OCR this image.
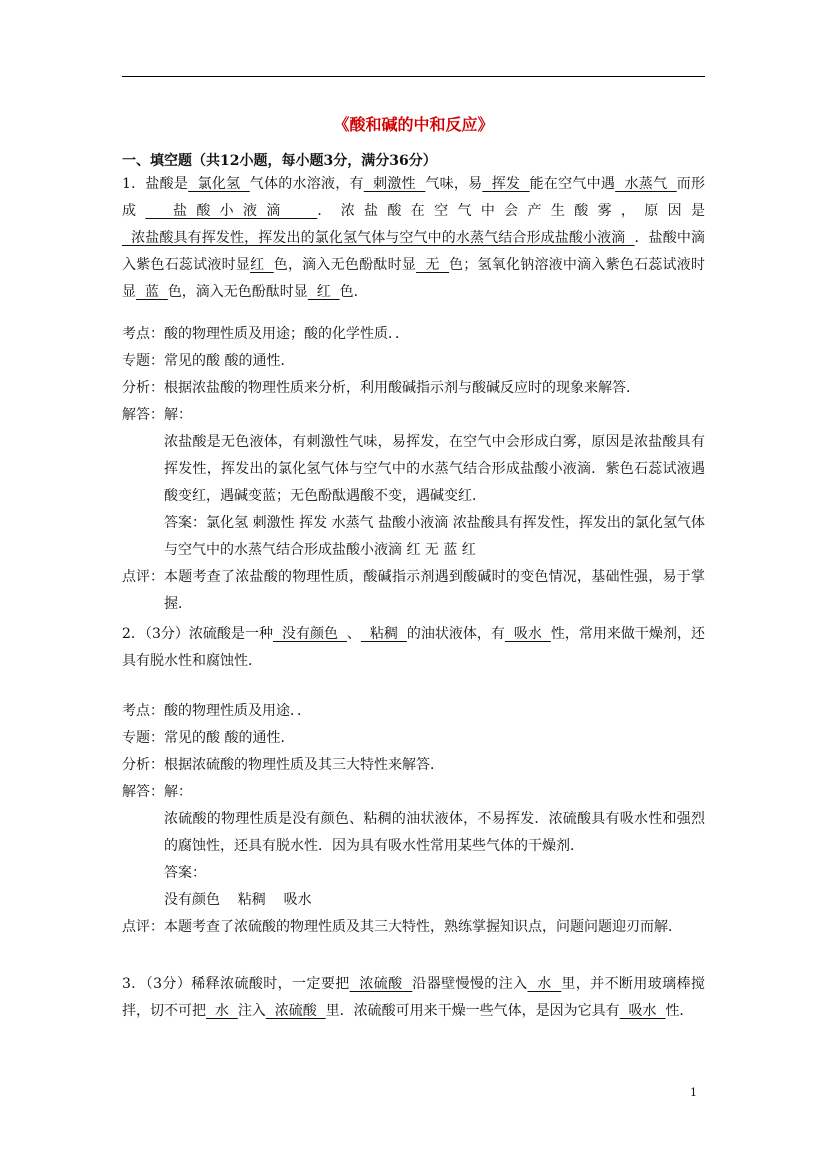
《酸和碱的中和反应》
一、填空题（共12小题，每小题3分，满分36分）
1．盐酸是  氯化氢  气体的水溶液，有  刺激性  气味，易  挥发  能在空气中遇  水蒸气  而形成  盐酸小液滴  ．浓盐酸在空气中会产生酸雾，原因是  浓盐酸具有挥发性，挥发出的氯化氢气体与空气中的水蒸气结合形成盐酸小液滴  ．盐酸中滴入紫色石蕊试液时显红  色，滴入无色酚酞时显  无  色；氢氧化钠溶液中滴入紫色石蕊试液时显  蓝  色，滴入无色酚酞时显  红  色．
考点： 酸的物理性质及用途；酸的化学性质．．
专题： 常见的酸 酸的通性．
分析： 根据浓盐酸的物理性质来分析，利用酸碱指示剂与酸碱反应时的现象来解答．
解答： 解：
浓盐酸是无色液体，有刺激性气味，易挥发，在空气中会形成白雾，原因是浓盐酸具有挥发性，挥发出的氯化氢气体与空气中的水蒸气结合形成盐酸小液滴．紫色石蕊试液遇酸变红，遇碱变蓝；无色酚酞遇酸不变，遇碱变红．
答案：氯化氢 刺激性 挥发 水蒸气 盐酸小液滴 浓盐酸具有挥发性，挥发出的氯化氢气体与空气中的水蒸气结合形成盐酸小液滴 红 无 蓝 红
点评： 本题考查了浓盐酸的物理性质，酸碱指示剂遇到酸碱时的变色情况，基础性强，易于掌握．
2．（3分）浓硫酸是一种  没有颜色  、  粘稠  的油状液体，有  吸水  性，常用来做干燥剂，还具有脱水性和腐蚀性．
考点： 酸的物理性质及用途．．
专题： 常见的酸 酸的通性．
分析： 根据浓硫酸的物理性质及其三大特性来解答．
解答： 解：
浓硫酸的物理性质是没有颜色、粘稠的油状液体，不易挥发．浓硫酸具有吸水性和强烈的腐蚀性，还具有脱水性．因为具有吸水性常用某些气体的干燥剂．
答案：
没有颜色    粘稠    吸水
点评： 本题考查了浓硫酸的物理性质及其三大特性，熟练掌握知识点，问题问题迎刃而解．
3．（3分）稀释浓硫酸时，一定要把  浓硫酸  沿器壁慢慢的注入  水  里，并不断用玻璃棒搅拌，切不可把  水  注入  浓硫酸  里．浓硫酸可用来干燥一些气体，是因为它具有  吸水  性．
1
